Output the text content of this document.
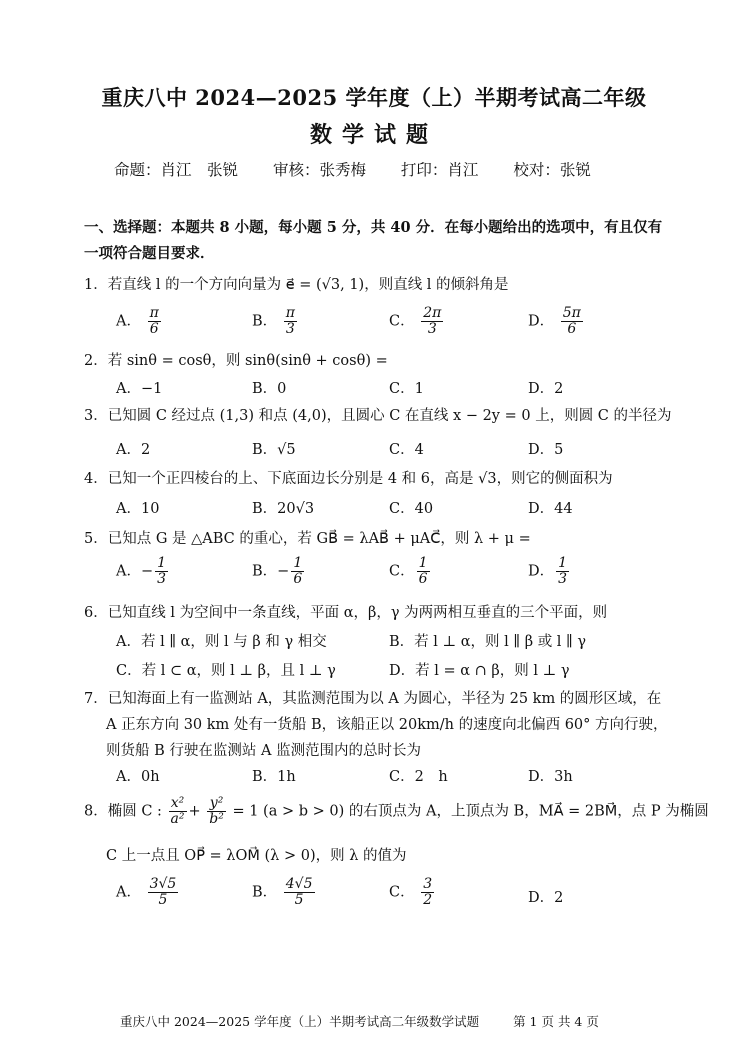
重庆八中 2024—2025 学年度（上）半期考试高二年级
数学试题
命题：肖江　张锐 审核：张秀梅 打印：肖江 校对：张锐
一、选择题：本题共 8 小题，每小题 5 分，共 40 分．在每小题给出的选项中，有且仅有
一项符合题目要求．
1．若直线 l 的一个方向向量为 e⃗ = (√3, 1)，则直线 l 的倾斜角是
A． $\frac{\pi}{6}$	B． $\frac{\pi}{3}$	C． $\frac{2\pi}{3}$	D． $\frac{5\pi}{6}$
2．若 sinθ = cosθ，则 sinθ(sinθ + cosθ) =
A．−1	B．0	C．1	D．2
3．已知圆 C 经过点 (1,3) 和点 (4,0)，且圆心 C 在直线 x − 2y = 0 上，则圆 C 的半径为
A．2	B．√5	C．4	D．5
4．已知一个正四棱台的上、下底面边长分别是 4 和 6，高是 √3，则它的侧面积为
A．10	B．20√3	C．40	D．44
5．已知点 G 是 △ABC 的重心，若 GB⃗ = λAB⃗ + μAC⃗，则 λ + μ =
A．− $\frac{1}{3}$	B．− $\frac{1}{6}$	C． $\frac{1}{6}$	D． $\frac{1}{3}$
6．已知直线 l 为空间中一条直线，平面 α，β，γ 为两两相互垂直的三个平面，则
A．若 l ∥ α，则 l 与 β 和 γ 相交	B．若 l ⊥ α，则 l ∥ β 或 l ∥ γ
C．若 l ⊂ α，则 l ⊥ β，且 l ⊥ γ	D．若 l = α ∩ β，则 l ⊥ γ
7．已知海面上有一监测站 A，其监测范围为以 A 为圆心，半径为 25 km 的圆形区域，在
A 正东方向 30 km 处有一货船 B，该船正以 20km/h 的速度向北偏西 60° 方向行驶，
则货船 B 行驶在监测站 A 监测范围内的总时长为
A．0h	B．1h	C．2　h	D．3h
8．椭圆 C : $\frac{\text{x²}}{\text{a²}} + \frac{\text{y²}}{\text{b²}} = 1$ (a > b > 0) 的右顶点为 A，上顶点为 B，MA⃗ = 2BM⃗，点 P 为椭圆
C 上一点且 OP⃗ = λOM⃗ (λ > 0)，则 λ 的值为
A． $\frac{3√5}{5}$	B． $\frac{4√5}{5}$	C． $\frac{3}{2}$	D．2
重庆八中 2024—2025 学年度（上）半期考试高二年级数学试题	第 1 页 共 4 页
